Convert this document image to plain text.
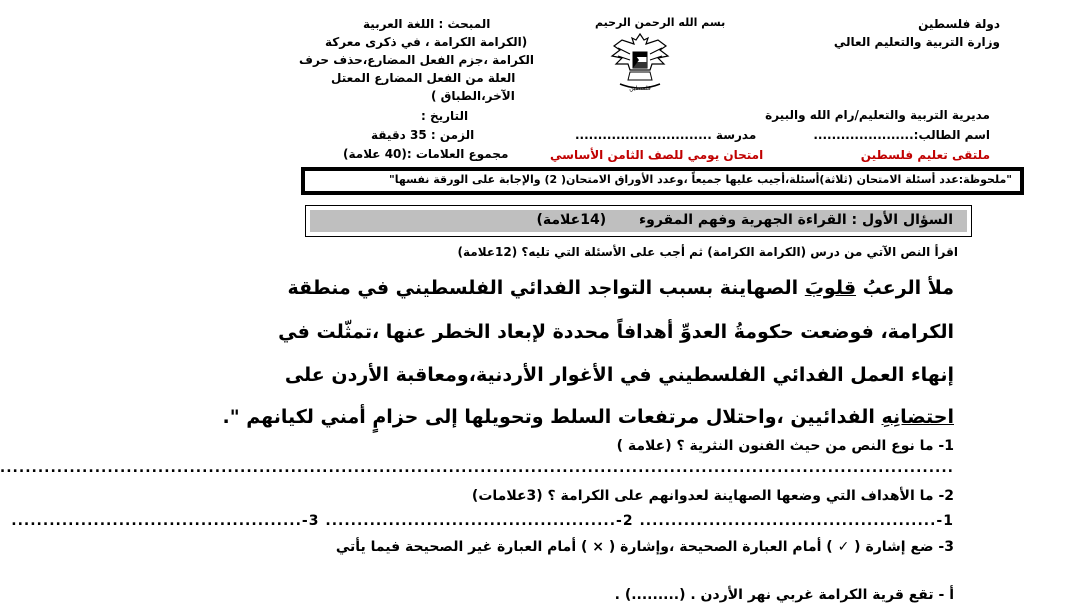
دولة فلسطين
وزارة التربية والتعليم العالي
مديرية التربية والتعليم/رام الله والبيرة
اسم الطالب:......................
ملتقى تعليم فلسطين
بسم الله الرحمن الرحيم
فلسطين
مدرسة ..............................
امتحان يومي للصف الثامن الأساسي
المبحث : اللغة العربية
(الكرامة الكرامة ، في ذكرى معركة
الكرامة ،جزم الفعل المضارع،حذف حرف
العلة من الفعل المضارع المعتل
الآخر،الطباق )
التاريخ :
الزمن : 35 دقيقة
مجموع العلامات :(40 علامة)
"ملحوظة:عدد أسئلة الامتحان (ثلاثة)أسئلة،أجيب عليها جميعاً ،وعدد الأوراق الامتحان( 2) والإجابة على الورقة نفسها"
السؤال الأول : القراءة الجهرية وفهم المقروء (14علامة)
اقرأ النص الآتي من درس (الكرامة الكرامة) ثم أجب على الأسئلة التي تليه؟ (12علامة)
ملأ الرعبُ قلوبَ الصهاينة بسبب التواجد الفدائي الفلسطيني في منطقة
الكرامة، فوضعت حكومةُ العدوِّ أهدافاً محددة لإبعاد الخطر عنها ،تمثّلت في
إنهاء العمل الفدائي الفلسطيني في الأغوار الأردنية،ومعاقبة الأردن على
احتضانِهِ الفدائيين ،واحتلال مرتفعات السلط وتحويلها إلى حزامٍ أمني لكيانهم ".
1- ما نوع النص من حيث الفنون النثرية ؟ (علامة )
.......................................................................................................................................................
2- ما الأهداف التي وضعها الصهاينة لعدوانهم على الكرامة ؟ (3علامات)
1-............................................... 2-.............................................. 3-..............................................
3- ضع إشارة ( ✓ ) أمام العبارة الصحيحة ،وإشارة ( × ) أمام العبارة غير الصحيحة فيما يأتي
أ - تقع قرية الكرامة غربي نهر الأردن . (.........) .
